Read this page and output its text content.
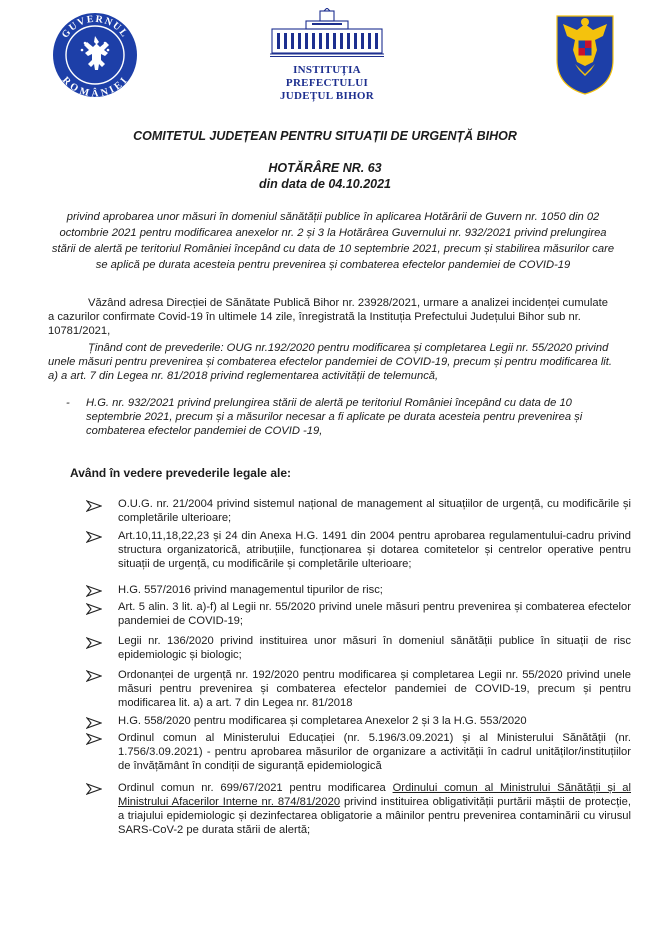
GUVERNUL
ROMÂNIEI
INSTITUȚIA PREFECTULUI
JUDEȚUL BIHOR
COMITETUL JUDEȚEAN PENTRU SITUAȚII DE URGENȚĂ BIHOR
HOTĂRÂRE NR. 63
din data de 04.10.2021
privind aprobarea unor măsuri în domeniul sănătății publice în aplicarea Hotărârii de Guvern nr. 1050 din 02
octombrie 2021 pentru modificarea anexelor nr. 2 și 3 la Hotărârea Guvernului nr. 932/2021 privind prelungirea
stării de alertă pe teritoriul României începând cu data de 10 septembrie 2021, precum și stabilirea măsurilor care
se aplică pe durata acesteia pentru prevenirea și combaterea efectelor pandemiei de COVID-19
Văzând adresa Direcției de Sănătate Publică Bihor nr. 23928/2021, urmare a analizei incidenței cumulate
a cazurilor confirmate Covid-19 în ultimele 14 zile, înregistrată la Instituția Prefectului Județului Bihor sub nr.
10781/2021,
Ținând cont de prevederile: OUG nr.192/2020 pentru modificarea și completarea Legii nr. 55/2020 privind
unele măsuri pentru prevenirea și combaterea efectelor pandemiei de COVID-19, precum și pentru modificarea lit.
a) a art. 7 din Legea nr. 81/2018 privind reglementarea activității de telemuncă,
- H.G. nr. 932/2021 privind prelungirea stării de alertă pe teritoriul României începând cu data de 10
septembrie 2021, precum și a măsurilor necesar a fi aplicate pe durata acesteia pentru prevenirea și
combaterea efectelor pandemiei de COVID -19,
Având în vedere prevederile legale ale:
O.U.G. nr. 21/2004 privind sistemul național de management al situațiilor de urgență, cu modificările și completările ulterioare;
Art.10,11,18,22,23 și 24 din Anexa H.G. 1491 din 2004 pentru aprobarea regulamentului-cadru privind structura organizatorică, atribuțiile, funcționarea și dotarea comitetelor și centrelor operative pentru situații de urgență, cu modificările și completările ulterioare;
H.G. 557/2016 privind managementul tipurilor de risc;
Art. 5 alin. 3 lit. a)-f) al Legii nr. 55/2020 privind unele măsuri pentru prevenirea și combaterea efectelor pandemiei de COVID-19;
Legii nr. 136/2020 privind instituirea unor măsuri în domeniul sănătății publice în situații de risc epidemiologic și biologic;
Ordonanței de urgență nr. 192/2020 pentru modificarea și completarea Legii nr. 55/2020 privind unele măsuri pentru prevenirea și combaterea efectelor pandemiei de COVID-19, precum și pentru modificarea lit. a) a art. 7 din Legea nr. 81/2018
H.G. 558/2020 pentru modificarea și completarea Anexelor 2 și 3 la H.G. 553/2020
Ordinul comun al Ministerului Educației (nr. 5.196/3.09.2021) și al Ministerului Sănătății (nr. 1.756/3.09.2021) - pentru aprobarea măsurilor de organizare a activității în cadrul unităților/instituțiilor de învățământ în condiții de siguranță epidemiologică
Ordinul comun nr. 699/67/2021 pentru modificarea Ordinului comun al Ministrului Sănătății și al Ministrului Afacerilor Interne nr. 874/81/2020 privind instituirea obligativității purtării măștii de protecție, a triajului epidemiologic și dezinfectarea obligatorie a mâinilor pentru prevenirea contaminării cu virusul SARS-CoV-2 pe durata stării de alertă;
